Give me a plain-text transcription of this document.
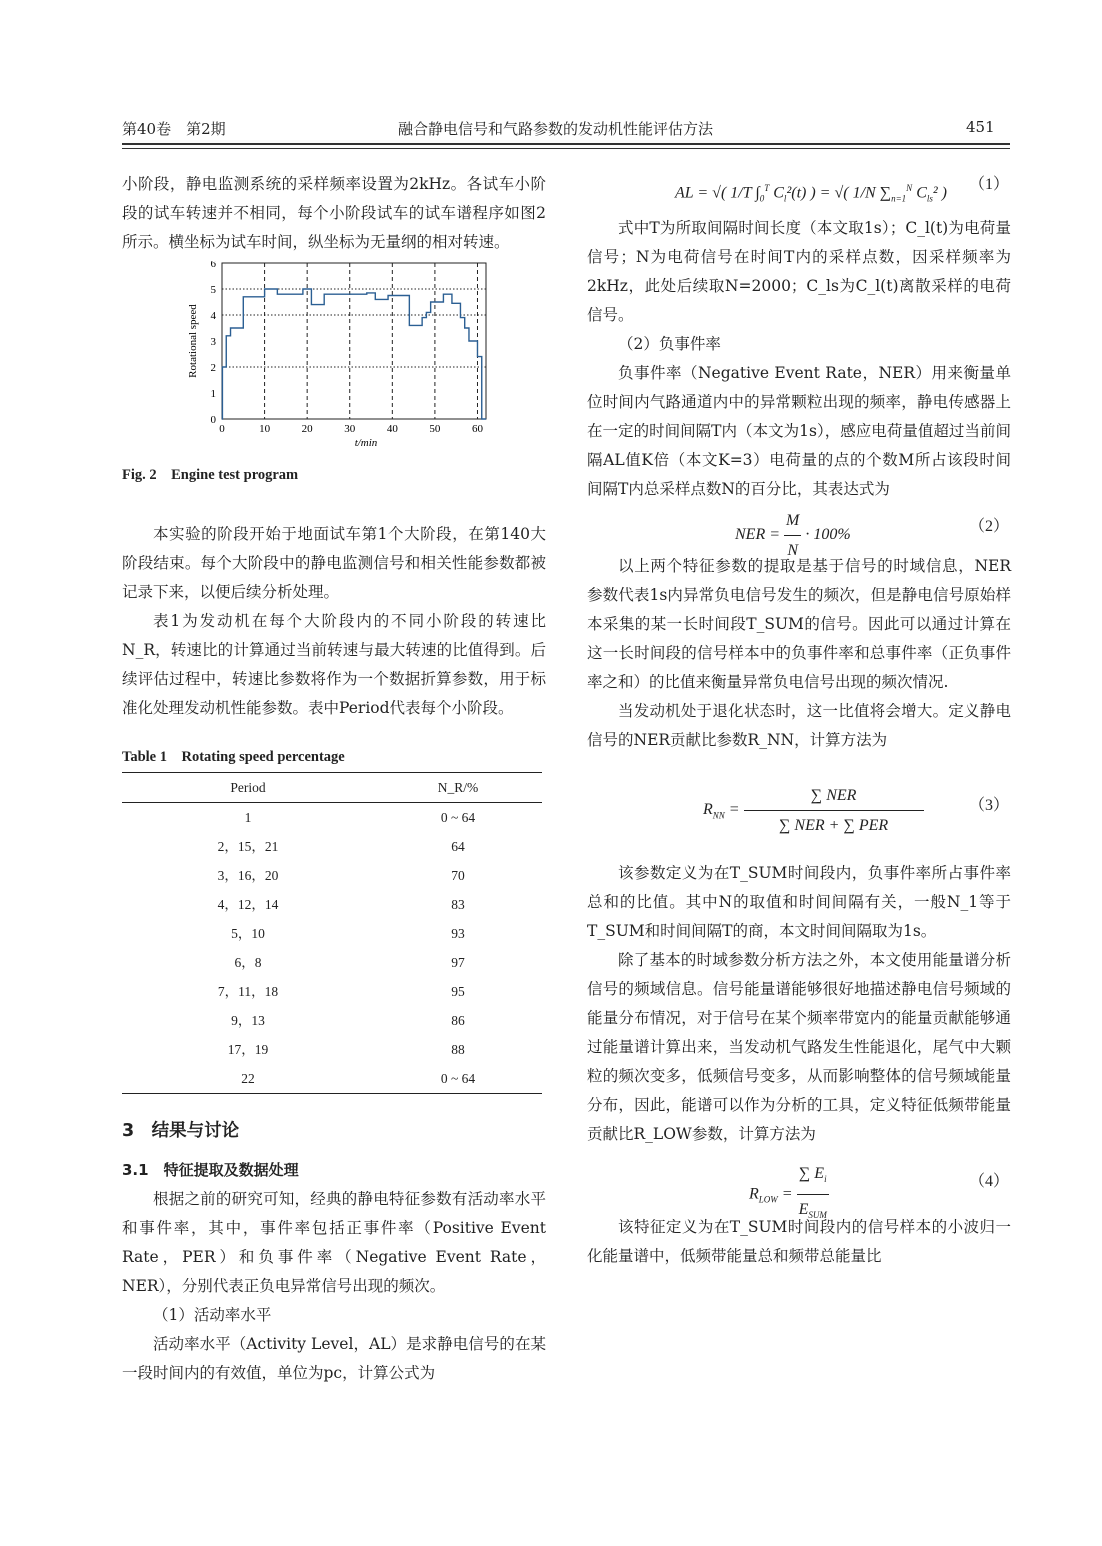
第40卷　第2期	融合静电信号和气路参数的发动机性能评估方法	451

小阶段，静电监测系统的采样频率设置为2kHz。各试车小阶段的试车转速并不相同，每个小阶段试车的试车谱程序如图2所示。横坐标为试车时间，纵坐标为无量纲的相对转速。

0	10	20	30	40	50	60
0
1
2
3
4
5
6
t/min
Rotational speed

Fig. 2　Engine test program

本实验的阶段开始于地面试车第1个大阶段，在第140大阶段结束。每个大阶段中的静电监测信号和相关性能参数都被记录下来，以便后续分析处理。

表1为发动机在每个大阶段内的不同小阶段的转速比N_R，转速比的计算通过当前转速与最大转速的比值得到。后续评估过程中，转速比参数将作为一个数据折算参数，用于标准化处理发动机性能参数。表中Period代表每个小阶段。

Table 1　Rotating speed percentage

Period	N_R/%
1	0 ~ 64
2，15，21	64
3，16，20	70
4，12，14	83
5，10	93
6，8	97
7，11，18	95
9，13	86
17，19	88
22	0 ~ 64

3　结果与讨论

3.1　特征提取及数据处理

根据之前的研究可知，经典的静电特征参数有活动率水平和事件率，其中，事件率包括正事件率（Positive Event Rate，PER）和负事件率（Negative Event Rate，NER），分别代表正负电异常信号出现的频次。

（1）活动率水平

活动率水平（Activity Level，AL）是求静电信号的在某一段时间内的有效值，单位为pc，计算公式为

AL = √( 1/T $\int_0^T$ $C_l^2(t)$ ) = √( 1/N $\sum_{n=1}^N$ $C_{ls}^2$ ) （1）

式中T为所取间隔时间长度（本文取1s）；C_l(t)为电荷量信号；N为电荷信号在时间T内的采样点数，因采样频率为2kHz，此处后续取N=2000；C_ls为C_l(t)离散采样的电荷信号。

（2）负事件率

负事件率（Negative Event Rate，NER）用来衡量单位时间内气路通道内中的异常颗粒出现的频率，静电传感器上在一定的时间间隔T内（本文为1s），感应电荷量值超过当前间隔AL值K倍（本文K=3）电荷量的点的个数M所占该段时间间隔T内总采样点数N的百分比，其表达式为

NER = $\frac{M}{N} \cdot 100\%$	（2）

以上两个特征参数的提取是基于信号的时域信息，NER参数代表1s内异常负电信号发生的频次，但是静电信号原始样本采集的某一长时间段T_SUM的信号。因此可以通过计算在这一长时间段的信号样本中的负事件率和总事件率（正负事件率之和）的比值来衡量异常负电信号出现的频次情况.

当发动机处于退化状态时，这一比值将会增大。定义静电信号的NER贡献比参数R_NN，计算方法为

$R_{NN} = \frac{\text{∑ NER}}{\text{∑ NER + ∑ PER}}$	（3）

该参数定义为在T_SUM时间段内，负事件率所占事件率总和的比值。其中N的取值和时间间隔有关，一般N_1等于T_SUM和时间间隔T的商，本文时间间隔取为1s。

除了基本的时域参数分析方法之外，本文使用能量谱分析信号的频域信息。信号能量谱能够很好地描述静电信号频域的能量分布情况，对于信号在某个频率带宽内的能量贡献能够通过能量谱计算出来，当发动机气路发生性能退化，尾气中大颗粒的频次变多，低频信号变多，从而影响整体的信号频域能量分布，因此，能谱可以作为分析的工具，定义特征低频带能量贡献比R_LOW参数，计算方法为

$R_{LOW} = \frac{\sum E_i}{E_{SUM}}$	（4）

该特征定义为在T_SUM时间段内的信号样本的小波归一化能量谱中，低频带能量总和频带总能量比
